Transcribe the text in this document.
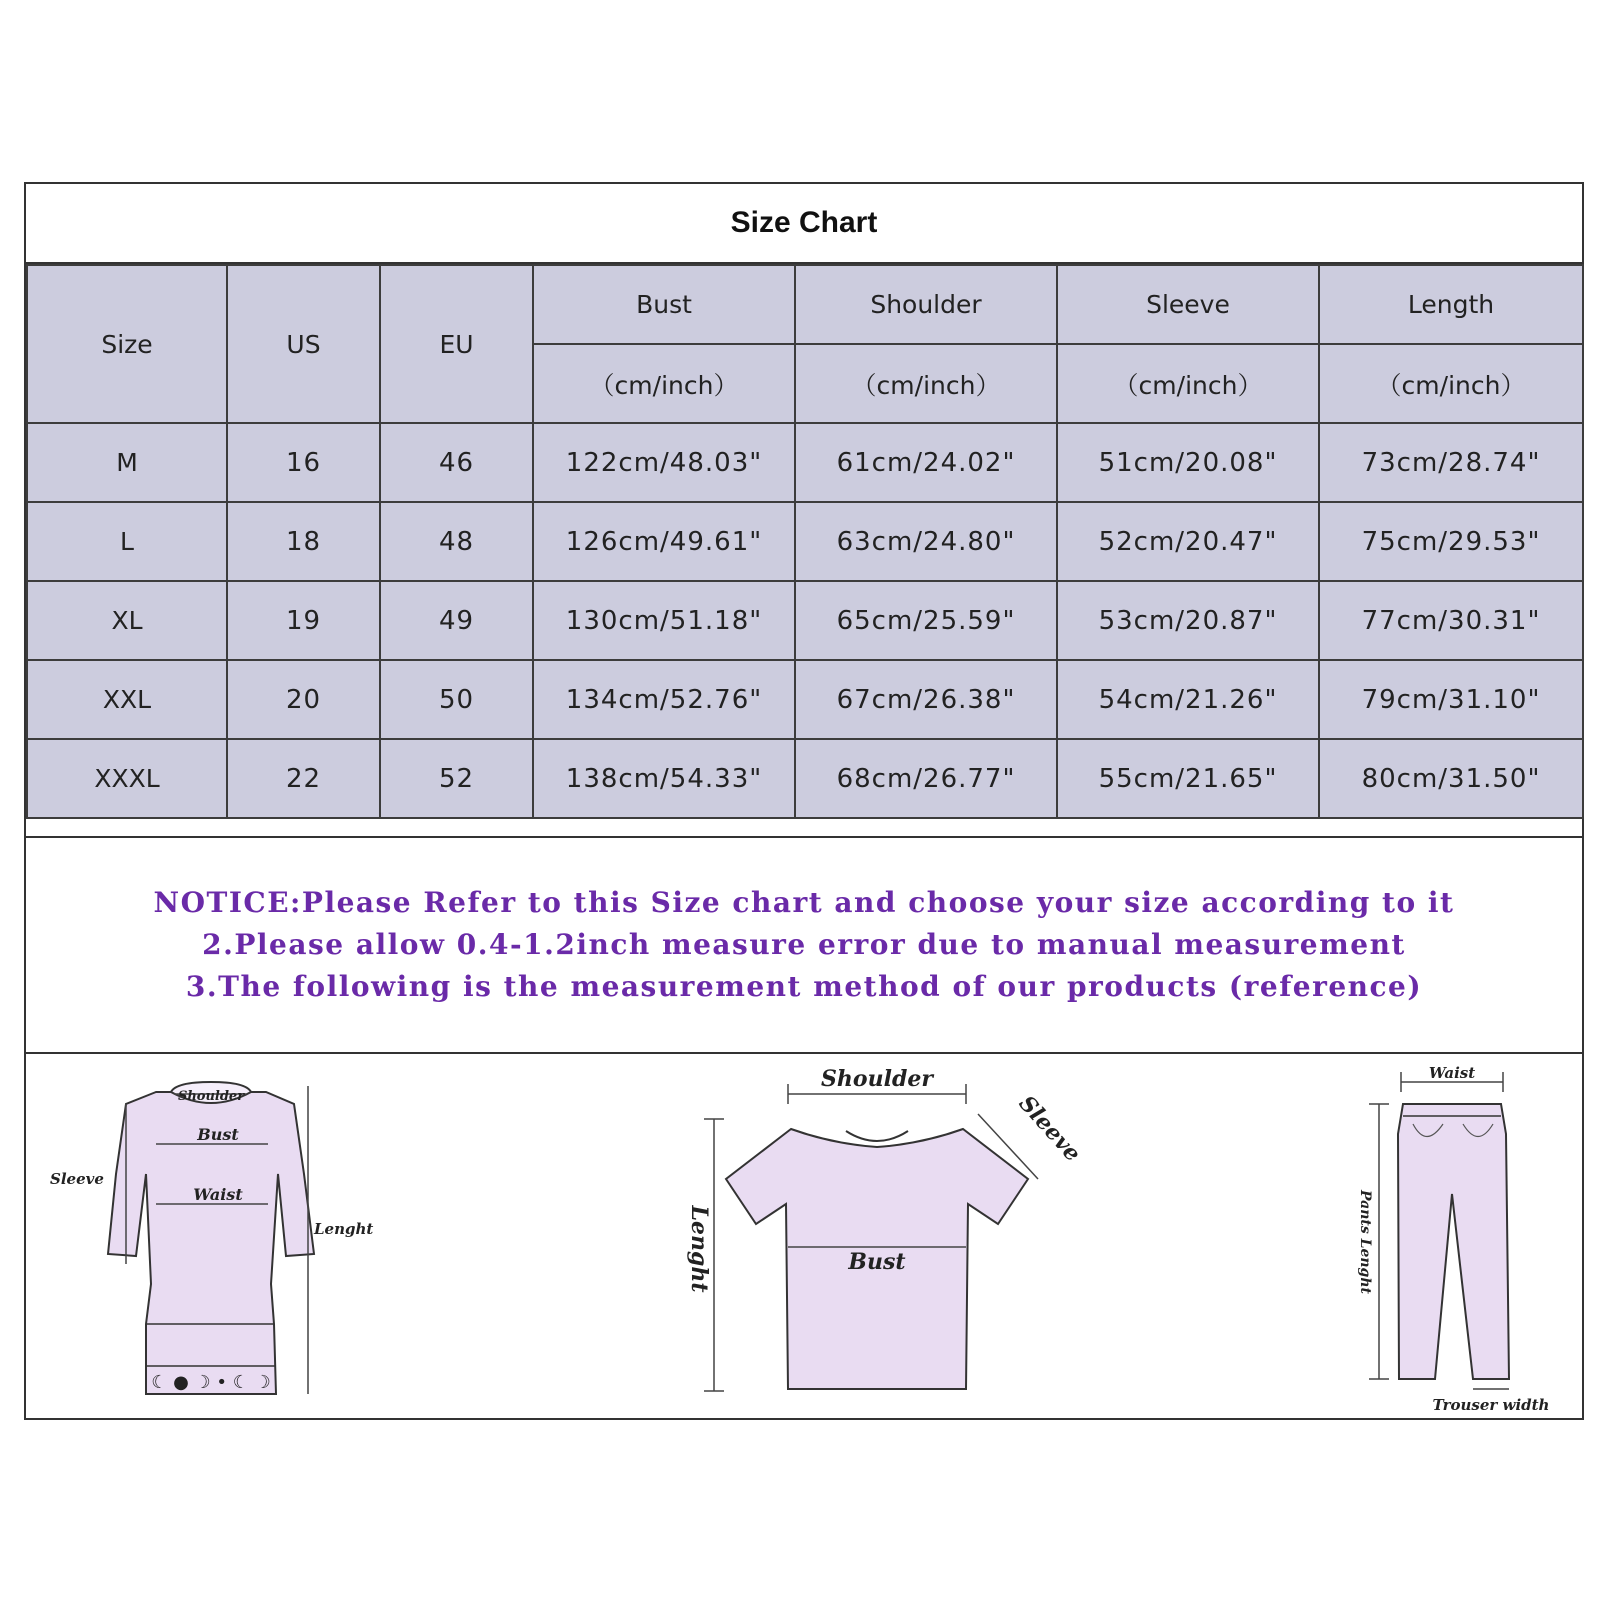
Size Chart
Size	US	EU	Bust	Shoulder	Sleeve	Length
			（cm/inch）	（cm/inch）	（cm/inch）	（cm/inch）
M	16	46	122cm/48.03"	61cm/24.02"	51cm/20.08"	73cm/28.74"
L	18	48	126cm/49.61"	63cm/24.80"	52cm/20.47"	75cm/29.53"
XL	19	49	130cm/51.18"	65cm/25.59"	53cm/20.87"	77cm/30.31"
XXL	20	50	134cm/52.76"	67cm/26.38"	54cm/21.26"	79cm/31.10"
XXXL	22	52	138cm/54.33"	68cm/26.77"	55cm/21.65"	80cm/31.50"
NOTICE:Please Refer to this Size chart and choose your size according to it
2.Please allow 0.4-1.2inch measure error due to manual measurement
3.The following is the measurement method of our products (reference)
☾ ● ☽ • ☾ ☽
Shoulder
Bust
Waist
Sleeve
Lenght
Shoulder
Bust
Sleeve
Lenght
Waist
Pants Lenght
Trouser width
